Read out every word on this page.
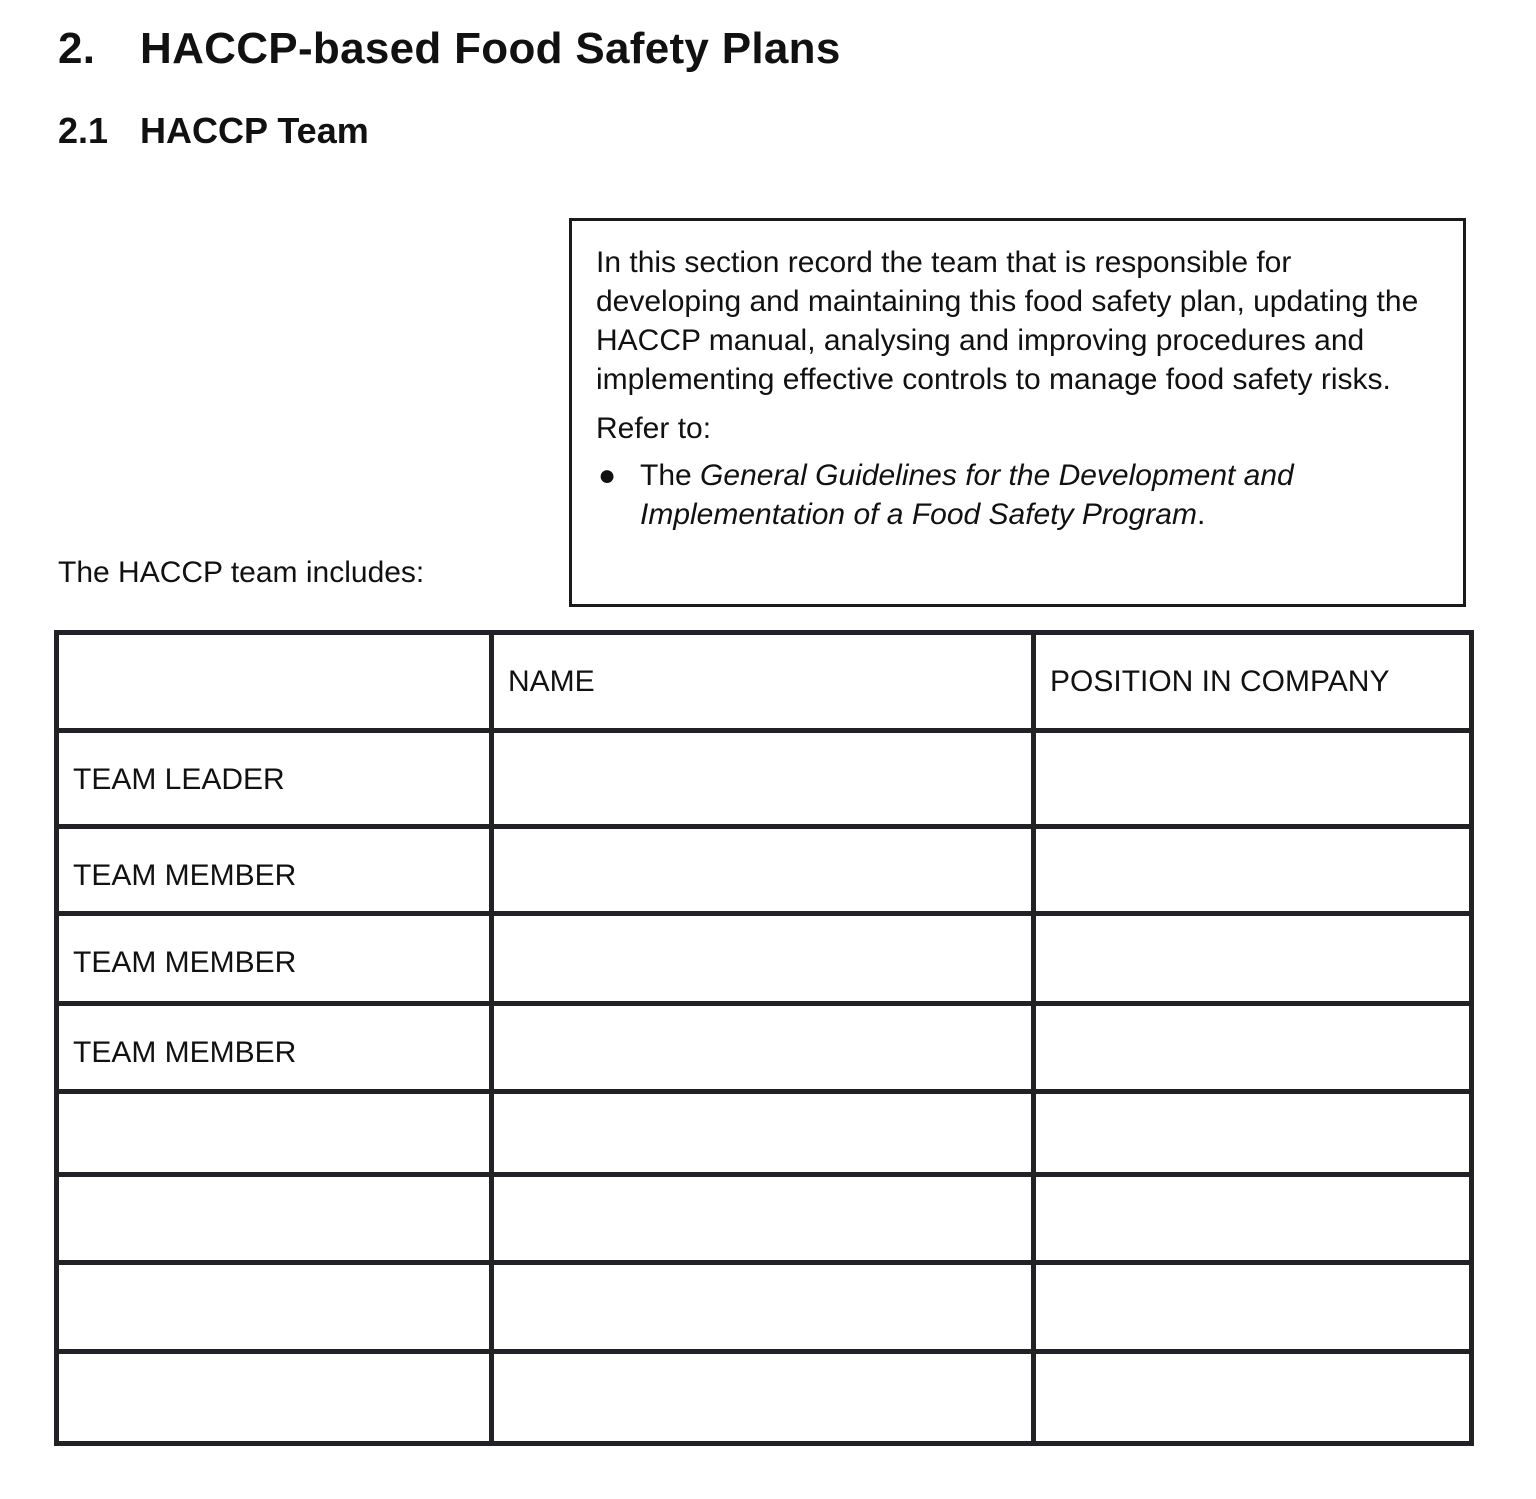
2. HACCP-based Food Safety Plans
2.1 HACCP Team

In this section record the team that is responsible for developing and maintaining this food safety plan, updating the HACCP manual, analysing and improving procedures and implementing effective controls to manage food safety risks.

Refer to:

● The General Guidelines for the Development and Implementation of a Food Safety Program.
The HACCP team includes:
	NAME	POSITION IN COMPANY
TEAM LEADER		
TEAM MEMBER		
TEAM MEMBER		
TEAM MEMBER		
